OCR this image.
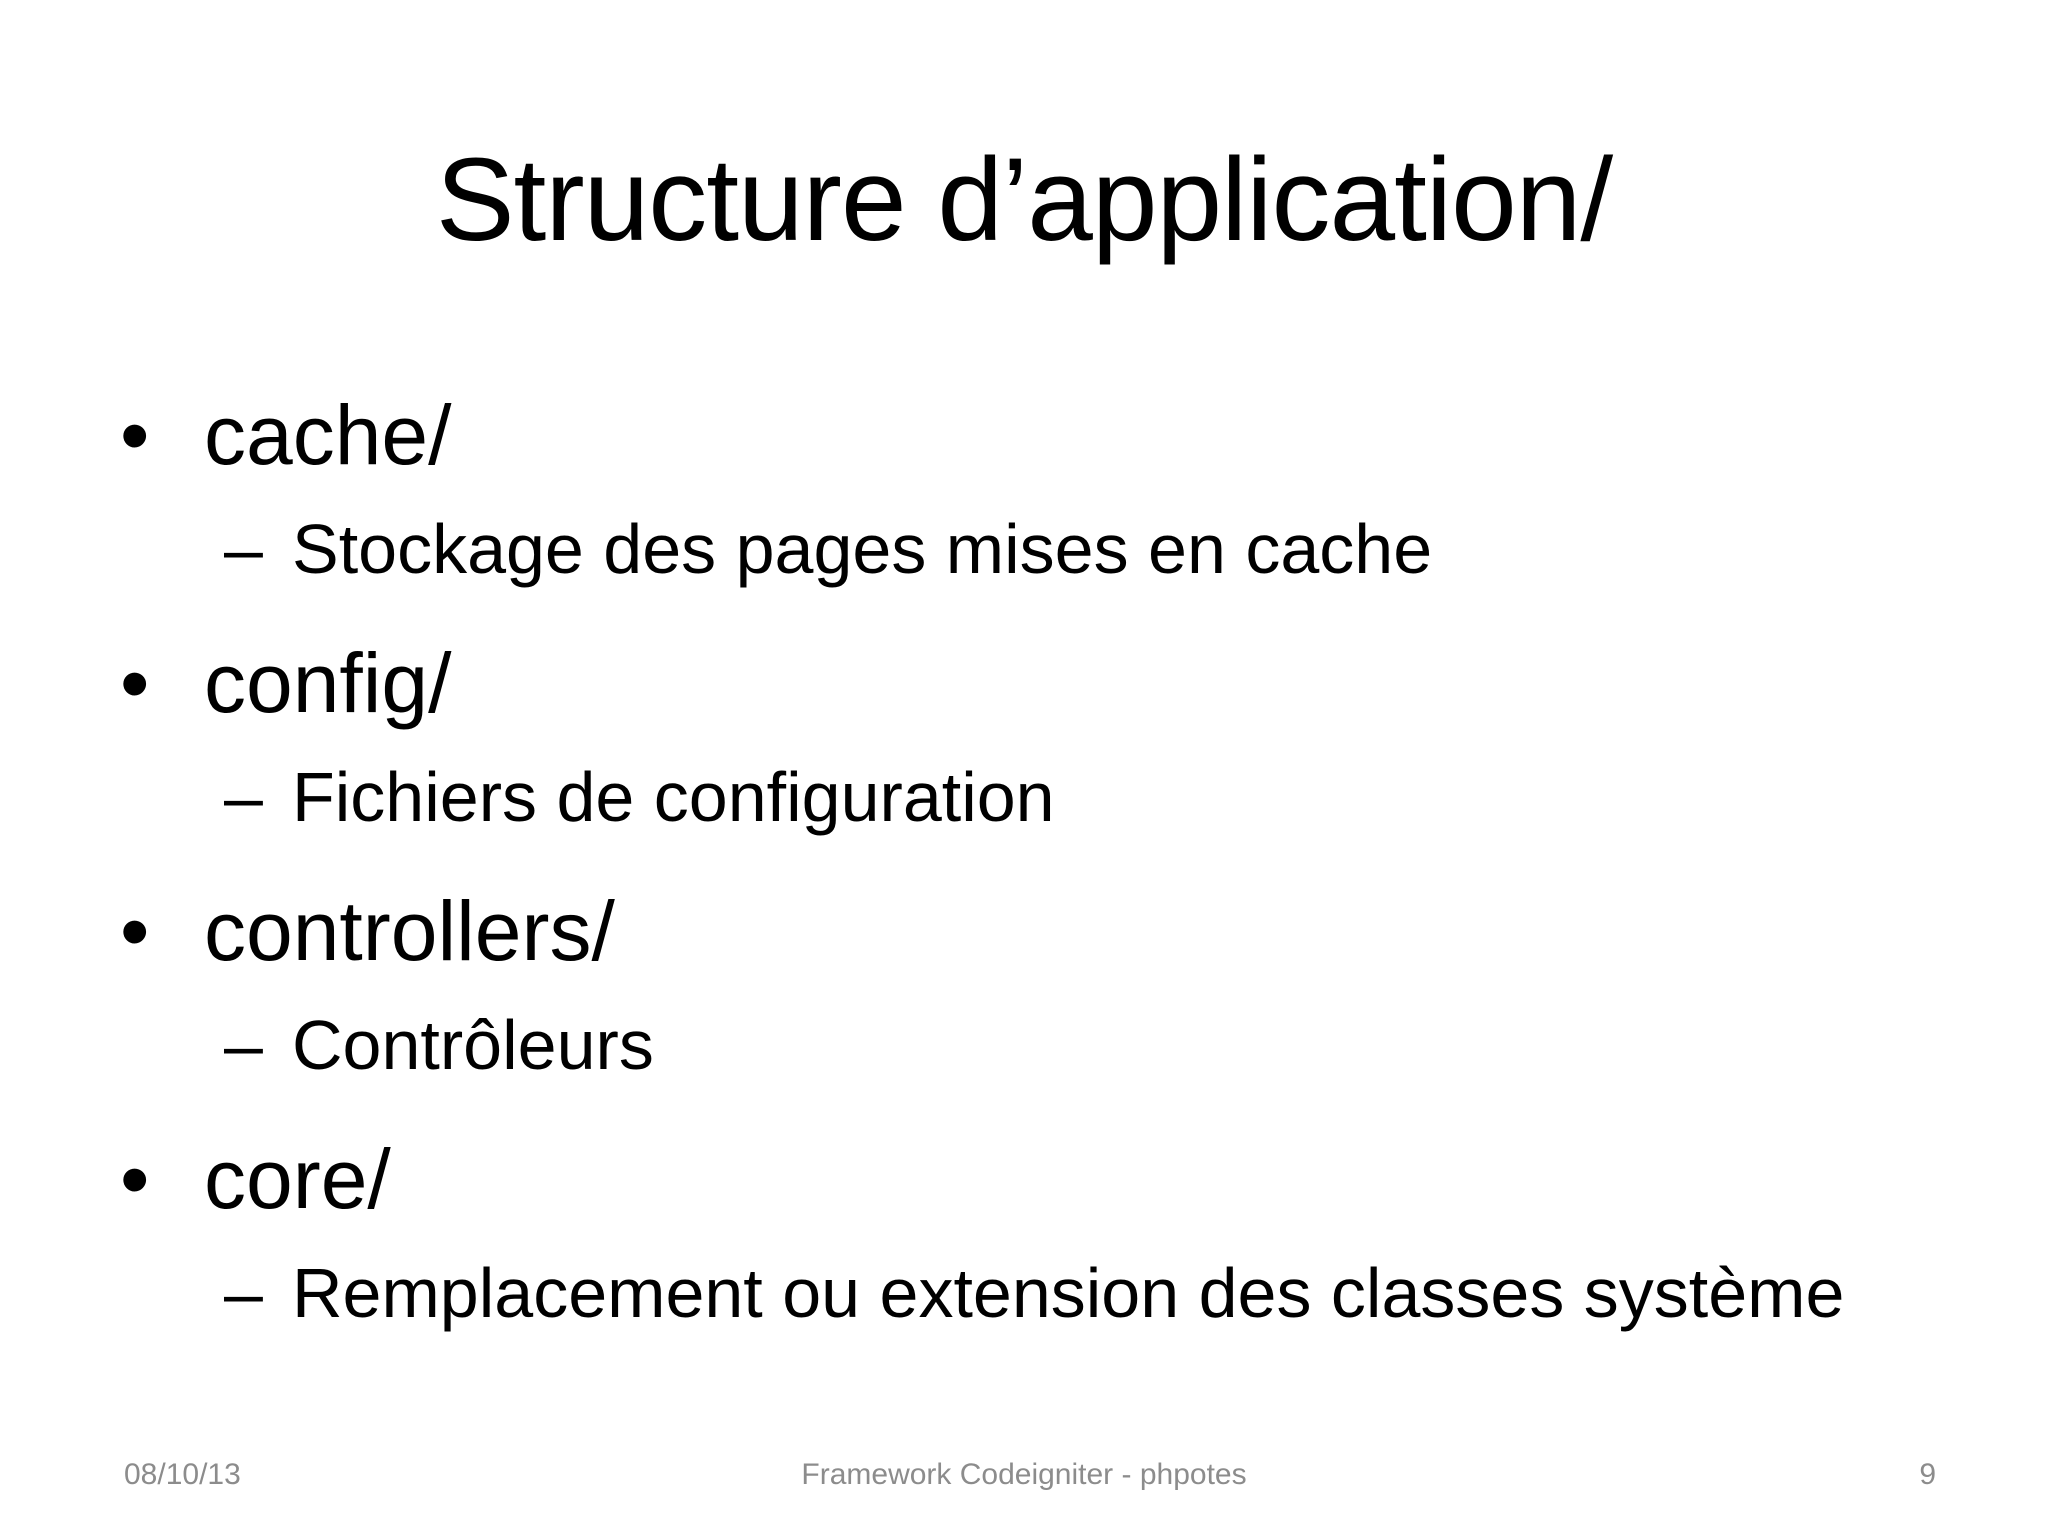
Structure d’application/
• cache/
– Stockage des pages mises en cache
• config/
– Fichiers de configuration
• controllers/
– Contrôleurs
• core/
– Remplacement ou extension des classes système
08/10/13	Framework Codeigniter - phpotes	9
